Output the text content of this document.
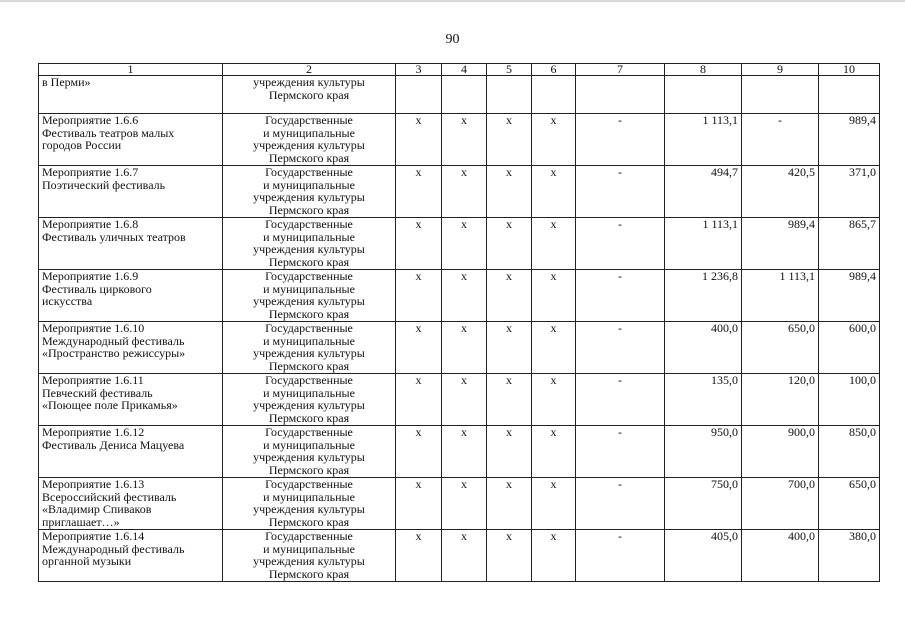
90
1	2	3	4	5	6	7	8	9	10

в Перми»	учреждения культуры
Пермского края								

Мероприятие 1.6.6
Фестиваль театров малых
городов России	Государственные
и муниципальные
учреждения культуры
Пермского края	x	x	x	x	-	1 113,1	-	989,4

Мероприятие 1.6.7
Поэтический фестиваль	Государственные
и муниципальные
учреждения культуры
Пермского края	x	x	x	x	-	494,7	420,5	371,0

Мероприятие 1.6.8
Фестиваль уличных театров	Государственные
и муниципальные
учреждения культуры
Пермского края	x	x	x	x	-	1 113,1	989,4	865,7

Мероприятие 1.6.9
Фестиваль циркового
искусства	Государственные
и муниципальные
учреждения культуры
Пермского края	x	x	x	x	-	1 236,8	1 113,1	989,4

Мероприятие 1.6.10
Международный фестиваль
«Пространство режиссуры»	Государственные
и муниципальные
учреждения культуры
Пермского края	x	x	x	x	-	400,0	650,0	600,0

Мероприятие 1.6.11
Певческий фестиваль
«Поющее поле Прикамья»	Государственные
и муниципальные
учреждения культуры
Пермского края	x	x	x	x	-	135,0	120,0	100,0

Мероприятие 1.6.12
Фестиваль Дениса Мацуева	Государственные
и муниципальные
учреждения культуры
Пермского края	x	x	x	x	-	950,0	900,0	850,0

Мероприятие 1.6.13
Всероссийский фестиваль
«Владимир Спиваков
приглашает…»	Государственные
и муниципальные
учреждения культуры
Пермского края	x	x	x	x	-	750,0	700,0	650,0

Мероприятие 1.6.14
Международный фестиваль
органной музыки	Государственные
и муниципальные
учреждения культуры
Пермского края	x	x	x	x	-	405,0	400,0	380,0
